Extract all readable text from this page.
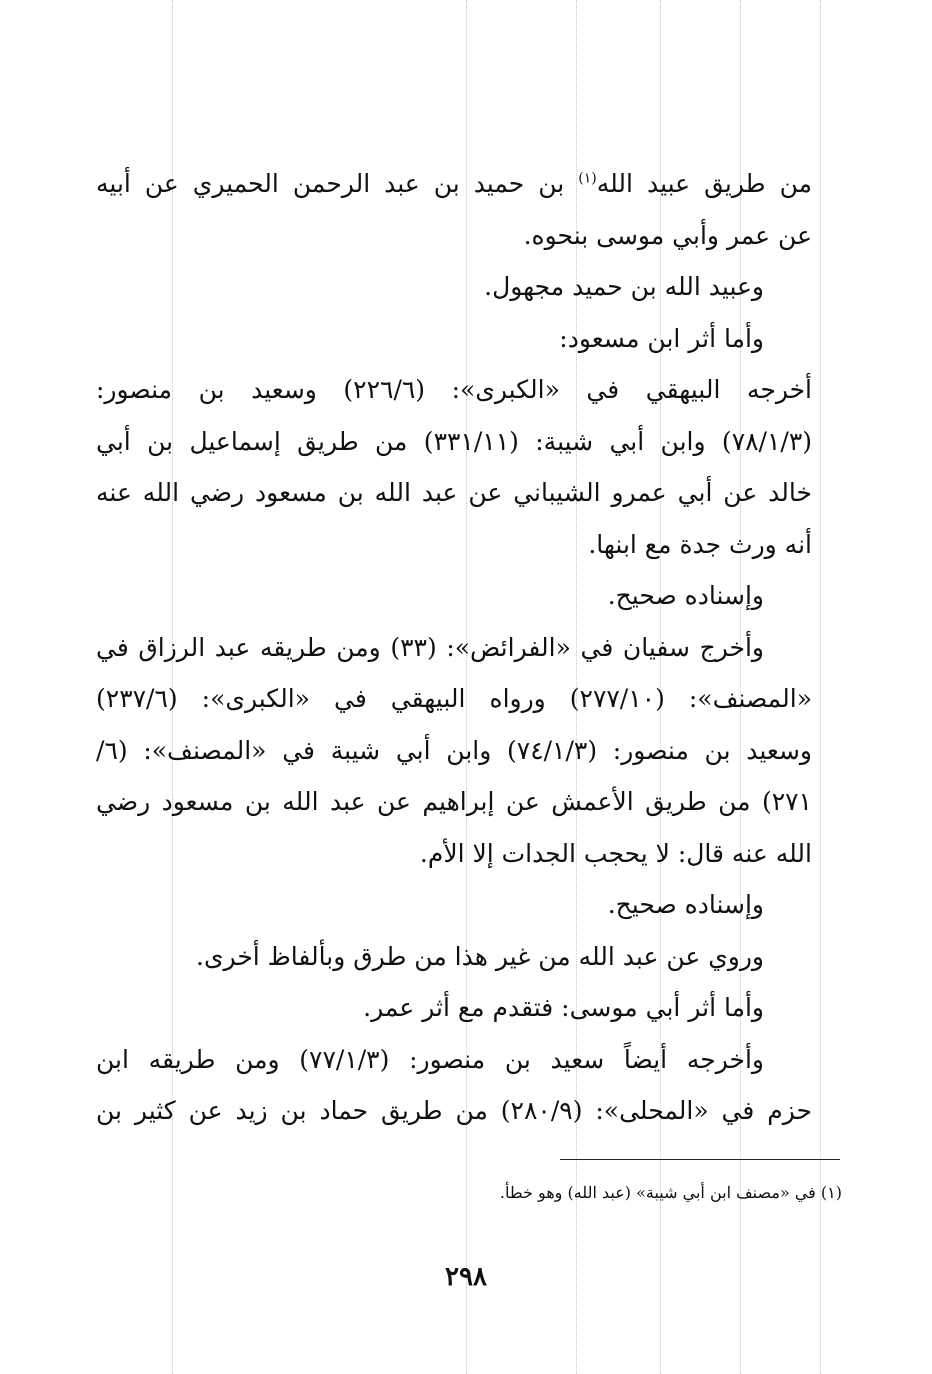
من طريق عبيد الله$^{(١)}$ بن حميد بن عبد الرحمن الحميري عن أبيه
عن عمر وأبي موسى بنحوه.
وعبيد الله بن حميد مجهول.
وأما أثر ابن مسعود:
أخرجه البيهقي في «الكبرى»: (٢٢٦/٦) وسعيد بن منصور:
(٧٨/١/٣) وابن أبي شيبة: (٣٣١/١١) من طريق إسماعيل بن أبي
خالد عن أبي عمرو الشيباني عن عبد الله بن مسعود رضي الله عنه
أنه ورث جدة مع ابنها.
وإسناده صحيح.
وأخرج سفيان في «الفرائض»: (٣٣) ومن طريقه عبد الرزاق في
«المصنف»: (٢٧٧/١٠) ورواه البيهقي في «الكبرى»: (٢٣٧/٦)
وسعيد بن منصور: (٧٤/١/٣) وابن أبي شيبة في «المصنف»: (٦/
٢٧١) من طريق الأعمش عن إبراهيم عن عبد الله بن مسعود رضي
الله عنه قال: لا يحجب الجدات إلا الأم.
وإسناده صحيح.
وروي عن عبد الله من غير هذا من طرق وبألفاظ أخرى.
وأما أثر أبي موسى: فتقدم مع أثر عمر.
وأخرجه أيضاً سعيد بن منصور: (٧٧/١/٣) ومن طريقه ابن
حزم في «المحلى»: (٢٨٠/٩) من طريق حماد بن زيد عن كثير بن
(١) في «مصنف ابن أبي شيبة» (عبد الله) وهو خطأ.
٢٩٨
